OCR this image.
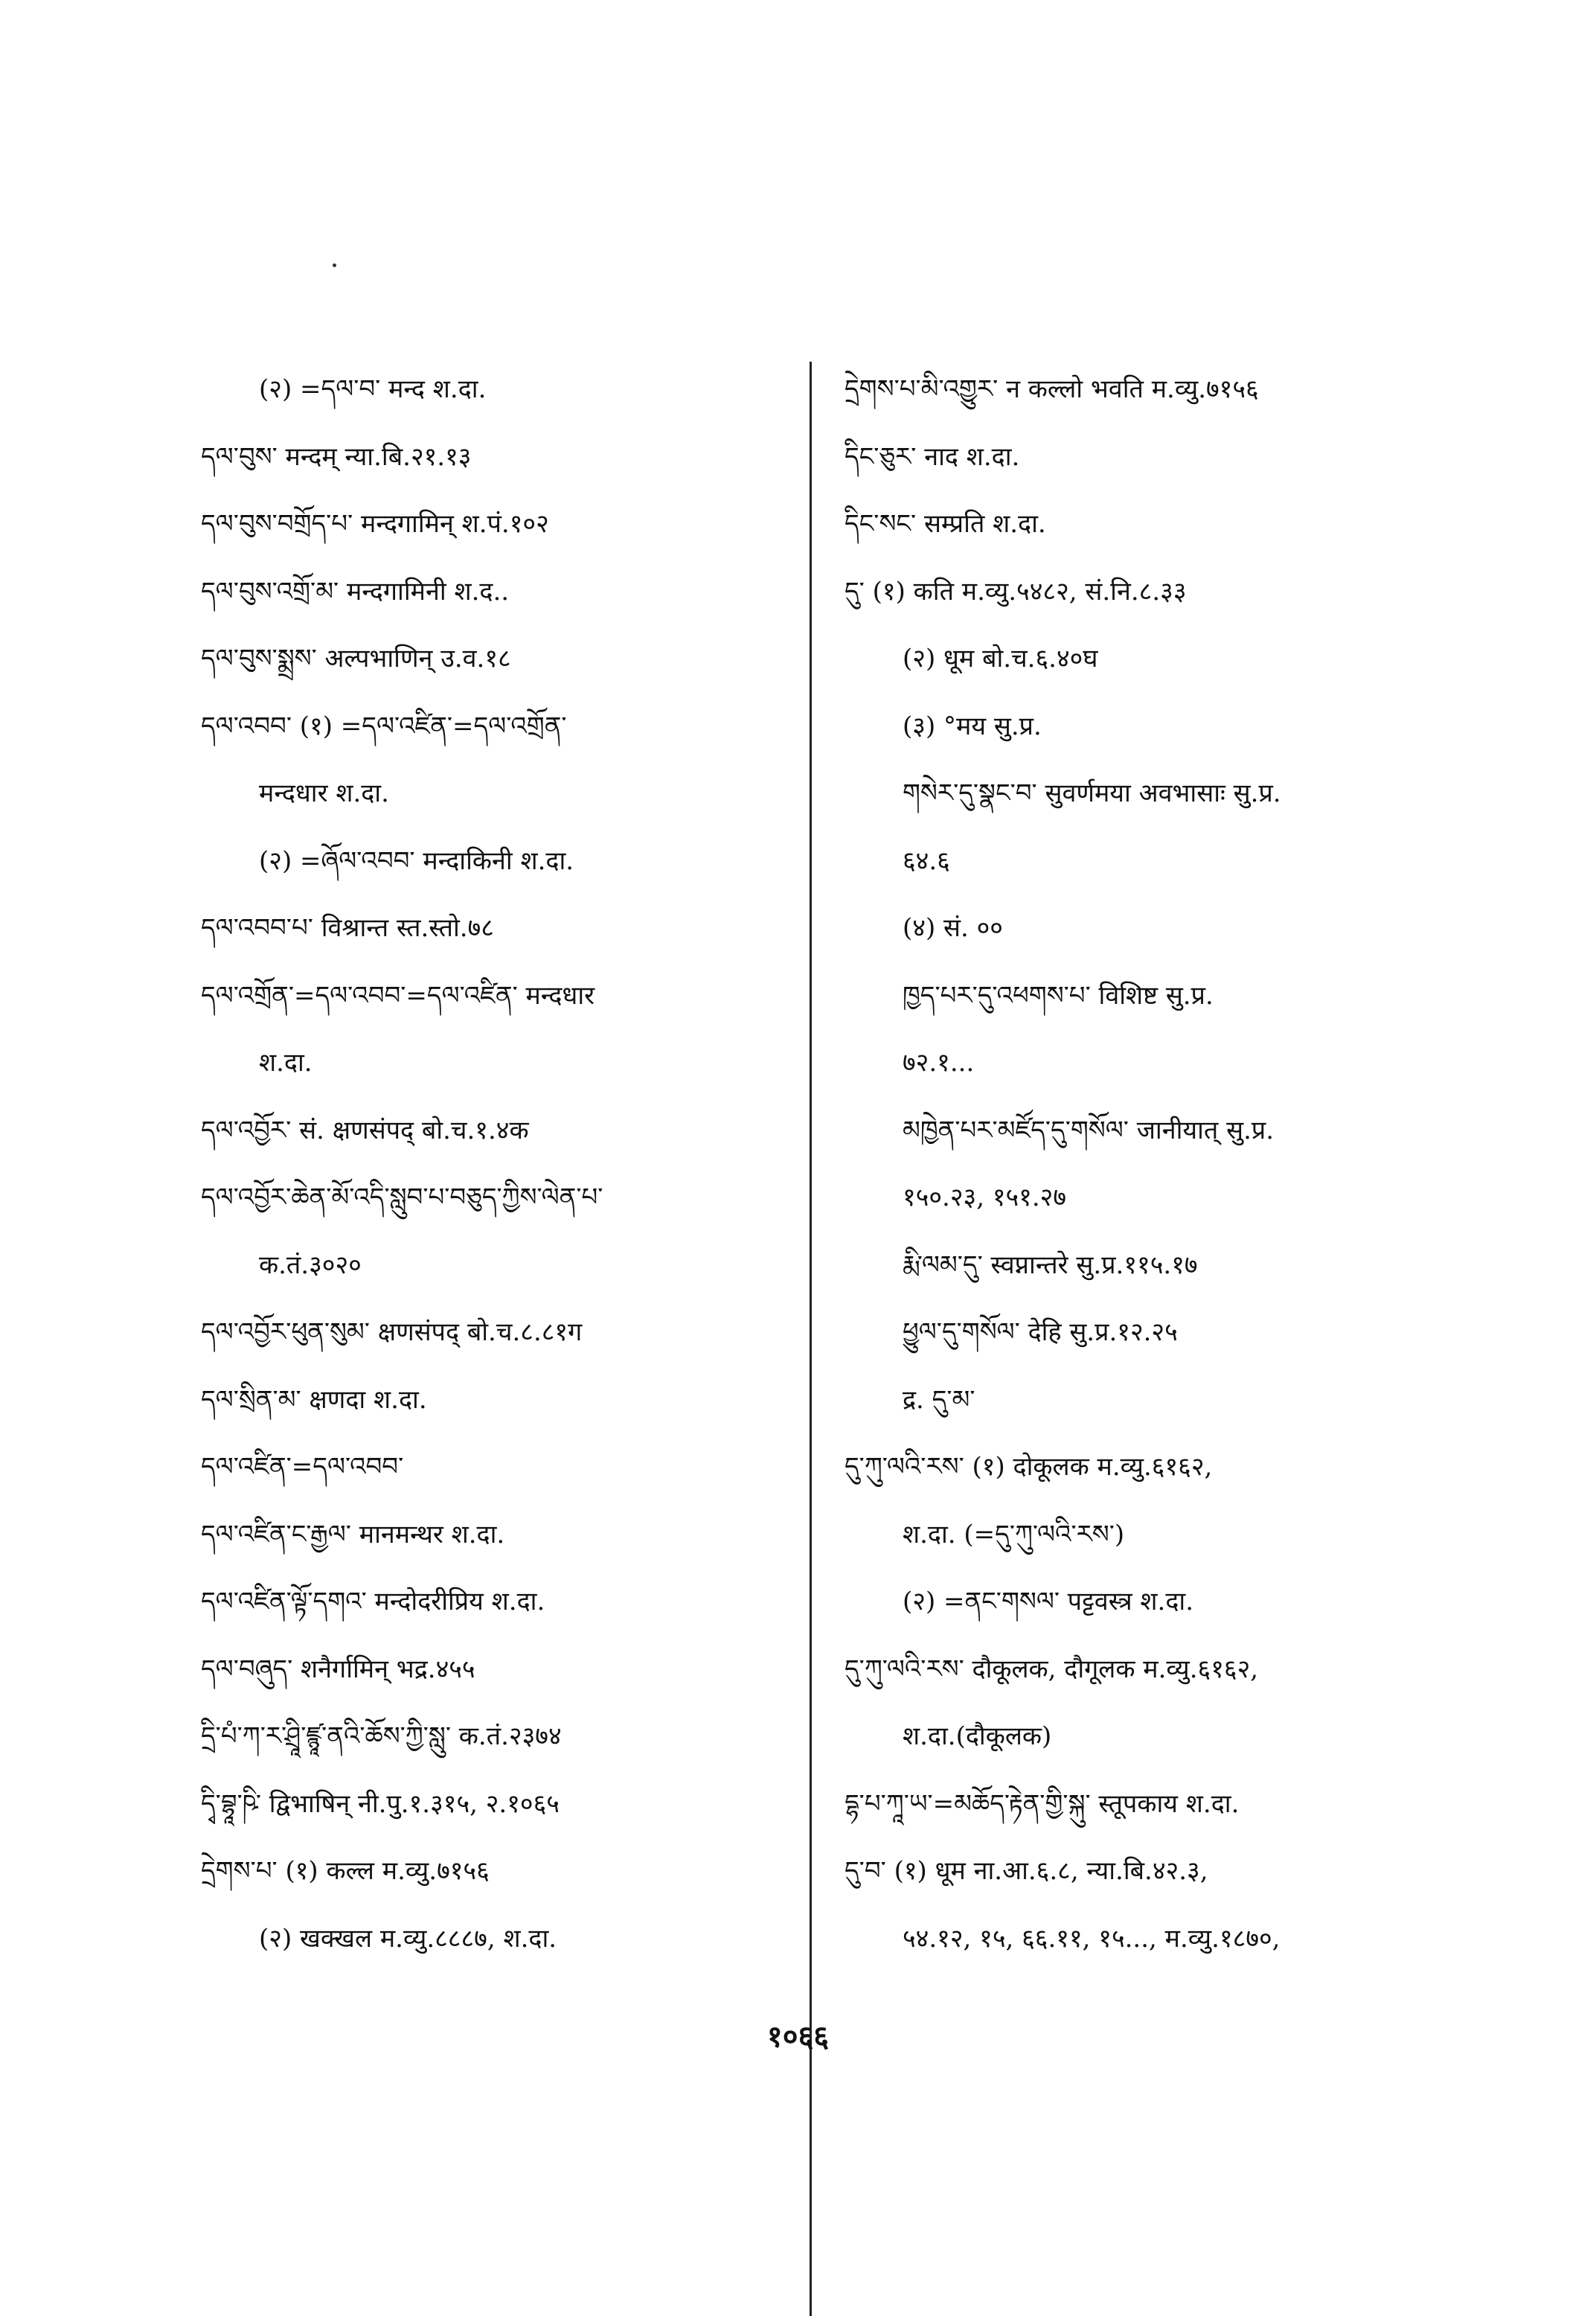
(२) =དལ་བ་ मन्द श.दा.
དལ་བུས་ मन्दम् न्या.बि.२१.१३
དལ་བུས་བགྲོད་པ་ मन्दगामिन् श.पं.१०२
དལ་བུས་འགྲོ་མ་ मन्दगामिनी श.द..
དལ་བུས་སྨྲས་ अल्पभाणिन् उ.व.१८
དལ་འབབ་ (१) =དལ་འཛིན་=དལ་འགྲོན་
मन्दधार श.दा.
(२) =ཞོལ་འབབ་ मन्दाकिनी श.दा.
དལ་འབབ་པ་ विश्रान्त स्त.स्तो.७८
དལ་འགྲོན་=དལ་འབབ་=དལ་འཛིན་ मन्दधार
श.दा.
དལ་འབྱོར་ सं. क्षणसंपद् बो.च.१.४क
དལ་འབྱོར་ཆེན་མོ་འདི་སླུབ་པ་བཅུད་ཀྱིས་ལེན་པ་
क.तं.३०२०
དལ་འབྱོར་ཕུན་སུམ་ क्षणसंपद् बो.च.८.८१ग
དལ་སྲིན་མ་ क्षणदा श.दा.
དལ་འཛིན་=དལ་འབབ་
དལ་འཛིན་ང་རྒྱལ་ मानमन्थर श.दा.
དལ་འཛིན་ལྟོ་དགའ་ मन्दोदरीप्रिय श.दा.
དལ་བཞུད་ शनैर्गामिन् भद्र.४५५
དྲི་པཾ་ཀ་ར་ཤྲཱི་ཛྙཱ་ནའི་ཆོས་ཀྱི་སླུ་ क.तं.२३७४
དྭི་བྷཱ་ཥི་ द्विभाषिन् नी.पु.१.३१५, २.१०६५
དྲེགས་པ་ (१) कल्ल म.व्यु.७१५६
(२) खक्खल म.व्यु.८८८७, श.दा.
དྲེགས་པ་མི་འགྱུར་ न कल्लो भवति म.व्यु.७१५६
དིང་ཅུར་ नाद श.दा.
དིང་སང་ सम्प्रति श.दा.
དུ་ (१) कति म.व्यु.५४८२, सं.नि.८.३३
(२) धूम बो.च.६.४०घ
(३) °मय सु.प्र.
གསེར་དུ་སྣང་བ་ सुवर्णमया अवभासाः सु.प्र.
६४.६
(४) सं. ००
ཁྱད་པར་དུ་འཕགས་པ་ विशिष्ट सु.प्र.
७२.१...
མཁྱེན་པར་མཛོད་དུ་གསོལ་ जानीयात् सु.प्र.
१५०.२३, १५१.२७
རྨི་ལམ་དུ་ स्वप्नान्तरे सु.प्र.११५.१७
ཕྱུལ་དུ་གསོལ་ देहि सु.प्र.१२.२५
द्र. དུ་མ་
དུ་ཀུ་ལའི་རས་ (१) दोकूलक म.व्यु.६१६२,
श.दा. (=དུ་ཀུ་ལའི་རས་)
(२) =ནང་གསལ་ पट्टवस्त्र श.दा.
དུ་ཀུ་ལའི་རས་ दौकूलक, दौगूलक म.व्यु.६१६२,
श.दा.(दौकूलक)
དྷ་པ་ཀཱ་ཡ་=མཆོད་རྟེན་གྱི་སྐུ་ स्तूपकाय श.दा.
དུ་བ་ (१) धूम ना.आ.६.८, न्या.बि.४२.३,
५४.१२, १५, ६६.११, १५..., म.व्यु.१८७०,
१०६६
